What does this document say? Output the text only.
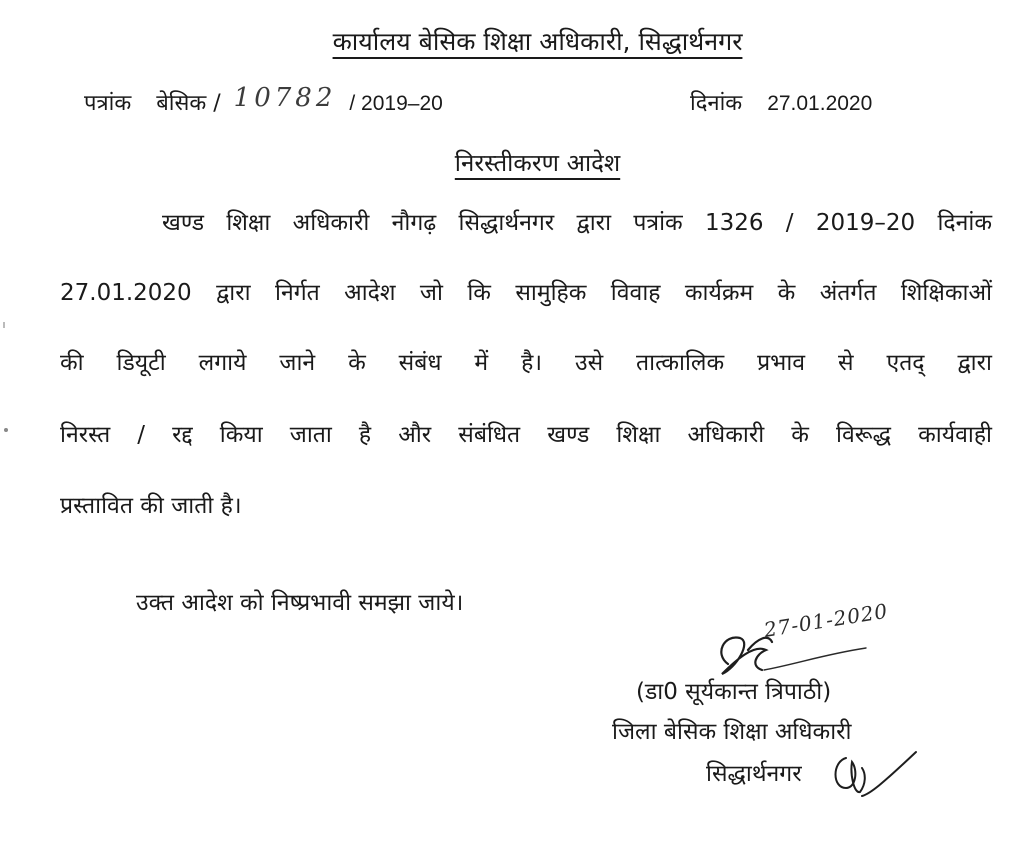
कार्यालय बेसिक शिक्षा अधिकारी, सिद्धार्थनगर
पत्रांक बेसिक / 10782 / 2019–20	दिनांक 27.01.2020
निरस्तीकरण आदेश
खण्ड शिक्षा अधिकारी नौगढ़ सिद्धार्थनगर द्वारा पत्रांक 1326 / 2019–20 दिनांक
27.01.2020 द्वारा निर्गत आदेश जो कि सामुहिक विवाह कार्यक्रम के अंतर्गत शिक्षिकाओं
की डियूटी लगाये जाने के संबंध में है। उसे तात्कालिक प्रभाव से एतद् द्वारा
निरस्त / रद्द किया जाता है और संबंधित खण्ड शिक्षा अधिकारी के विरूद्ध कार्यवाही
प्रस्तावित की जाती है।
उक्त आदेश को निष्प्रभावी समझा जाये।	27-01-2020
(डा0 सूर्यकान्त त्रिपाठी)
जिला बेसिक शिक्षा अधिकारी
सिद्धार्थनगर
